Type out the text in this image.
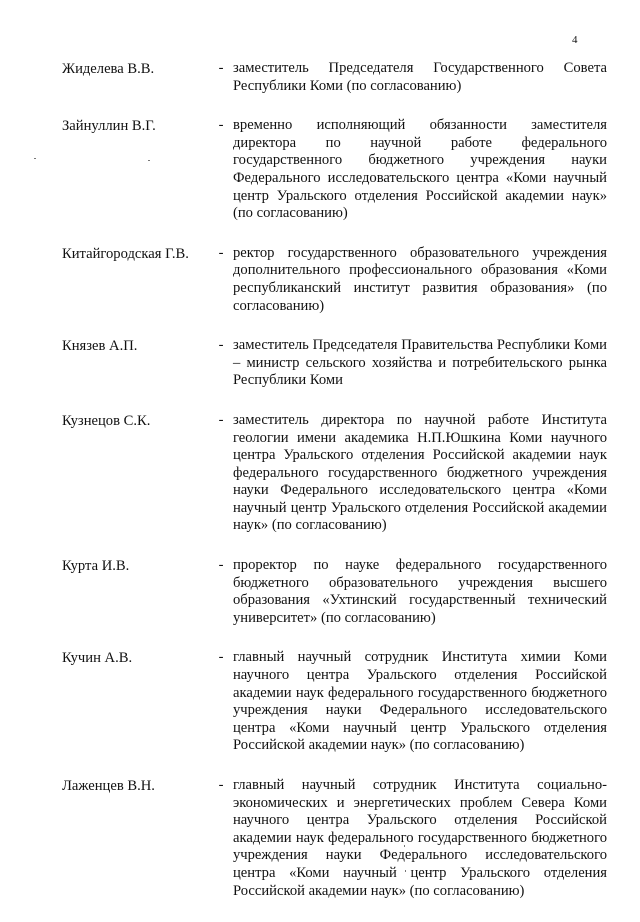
4
Жиделева В.В.	- заместитель Председателя Государственного Совета Республики Коми (по согласованию)
Зайнуллин В.Г.	- временно исполняющий обязанности заместителя директора по научной работе федерального государственного бюджетного учреждения науки Федерального исследовательского центра «Коми научный центр Уральского отделения Российской академии наук» (по согласованию)
Китайгородская Г.В.	- ректор государственного образовательного учреждения дополнительного профессионального образования «Коми республиканский институт развития образования» (по согласованию)
Князев А.П.	- заместитель Председателя Правительства Республики Коми – министр сельского хозяйства и потребительского рынка Республики Коми
Кузнецов С.К.	- заместитель директора по научной работе Института геологии имени академика Н.П.Юшкина Коми научного центра Уральского отделения Российской академии наук федерального государственного бюджетного учреждения науки Федерального исследовательского центра «Коми научный центр Уральского отделения Российской академии наук» (по согласованию)
Курта И.В.	- проректор по науке федерального государственного бюджетного образовательного учреждения высшего образования «Ухтинский государственный технический университет» (по согласованию)
Кучин А.В.	- главный научный сотрудник Института химии Коми научного центра Уральского отделения Российской академии наук федерального государственного бюджетного учреждения науки Федерального исследовательского центра «Коми научный центр Уральского отделения Российской академии наук» (по согласованию)
Лаженцев В.Н.	- главный научный сотрудник Института социально-экономических и энергетических проблем Севера Коми научного центра Уральского отделения Российской академии наук федерального государственного бюджетного учреждения науки Федерального исследовательского центра «Коми научный центр Уральского отделения Российской академии наук» (по согласованию)
